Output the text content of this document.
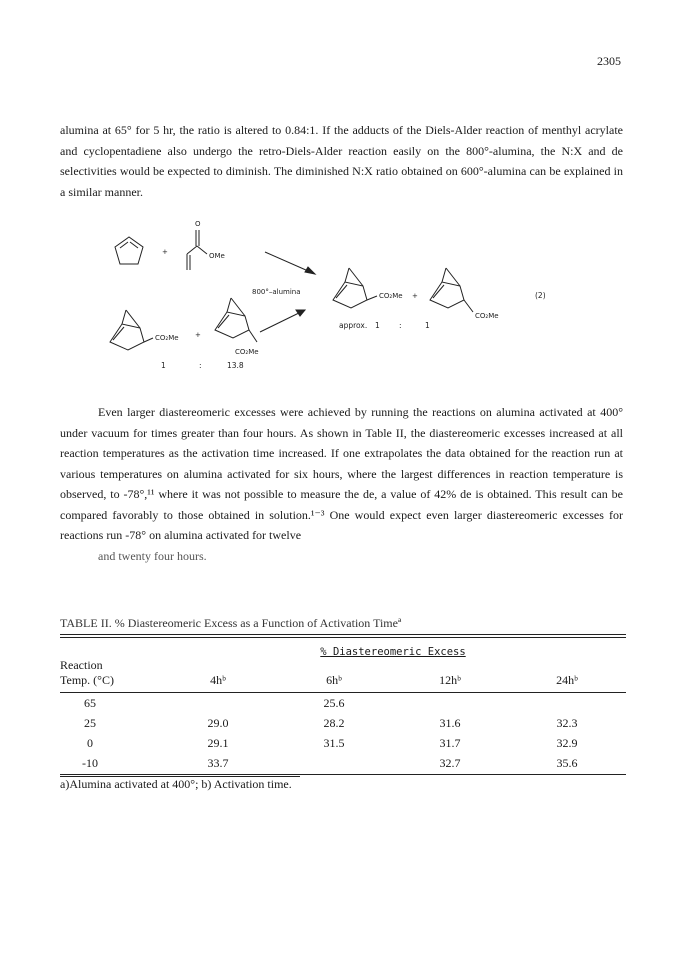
2305

alumina at 65° for 5 hr, the ratio is altered to 0.84:1. If the adducts of the Diels-Alder reaction of menthyl acrylate and cyclopentadiene also undergo the retro-Diels-Alder reaction easily on the 800°-alumina, the N:X and de selectivities would be expected to diminish. The diminished N:X ratio obtained on 600°-alumina can be explained in a similar manner.

+
O
OMe
800°–alumina	CO₂Me +
CO₂Me
(2)
approx. 1	:	1
CO₂Me +
CO₂Me
1	:	13.8

Even larger diastereomeric excesses were achieved by running the reactions on alumina activated at 400° under vacuum for times greater than four hours. As shown in Table II, the diastereomeric excesses increased at all reaction temperatures as the activation time increased. If one extrapolates the data obtained for the reaction run at various temperatures on alumina activated for six hours, where the largest differences in reaction temperature is observed, to -78°,¹¹ where it was not possible to measure the de, a value of 42% de is obtained. This result can be compared favorably to those obtained in solution.¹⁻³ One would expect even larger diastereomeric excesses for reactions run -78° on alumina activated for twelve
and twenty four hours.

TABLE II. % Diastereomeric Excess as a Function of Activation Timeª
	% Diastereomeric Excess			

Reaction
Temp. (°C)	4hᵇ	6hᵇ	12hᵇ	24hᵇ
65		25.6		
25	29.0	28.2	31.6	32.3
0	29.1	31.5	31.7	32.9
-10	33.7		32.7	35.6
a)Alumina activated at 400°; b) Activation time.
